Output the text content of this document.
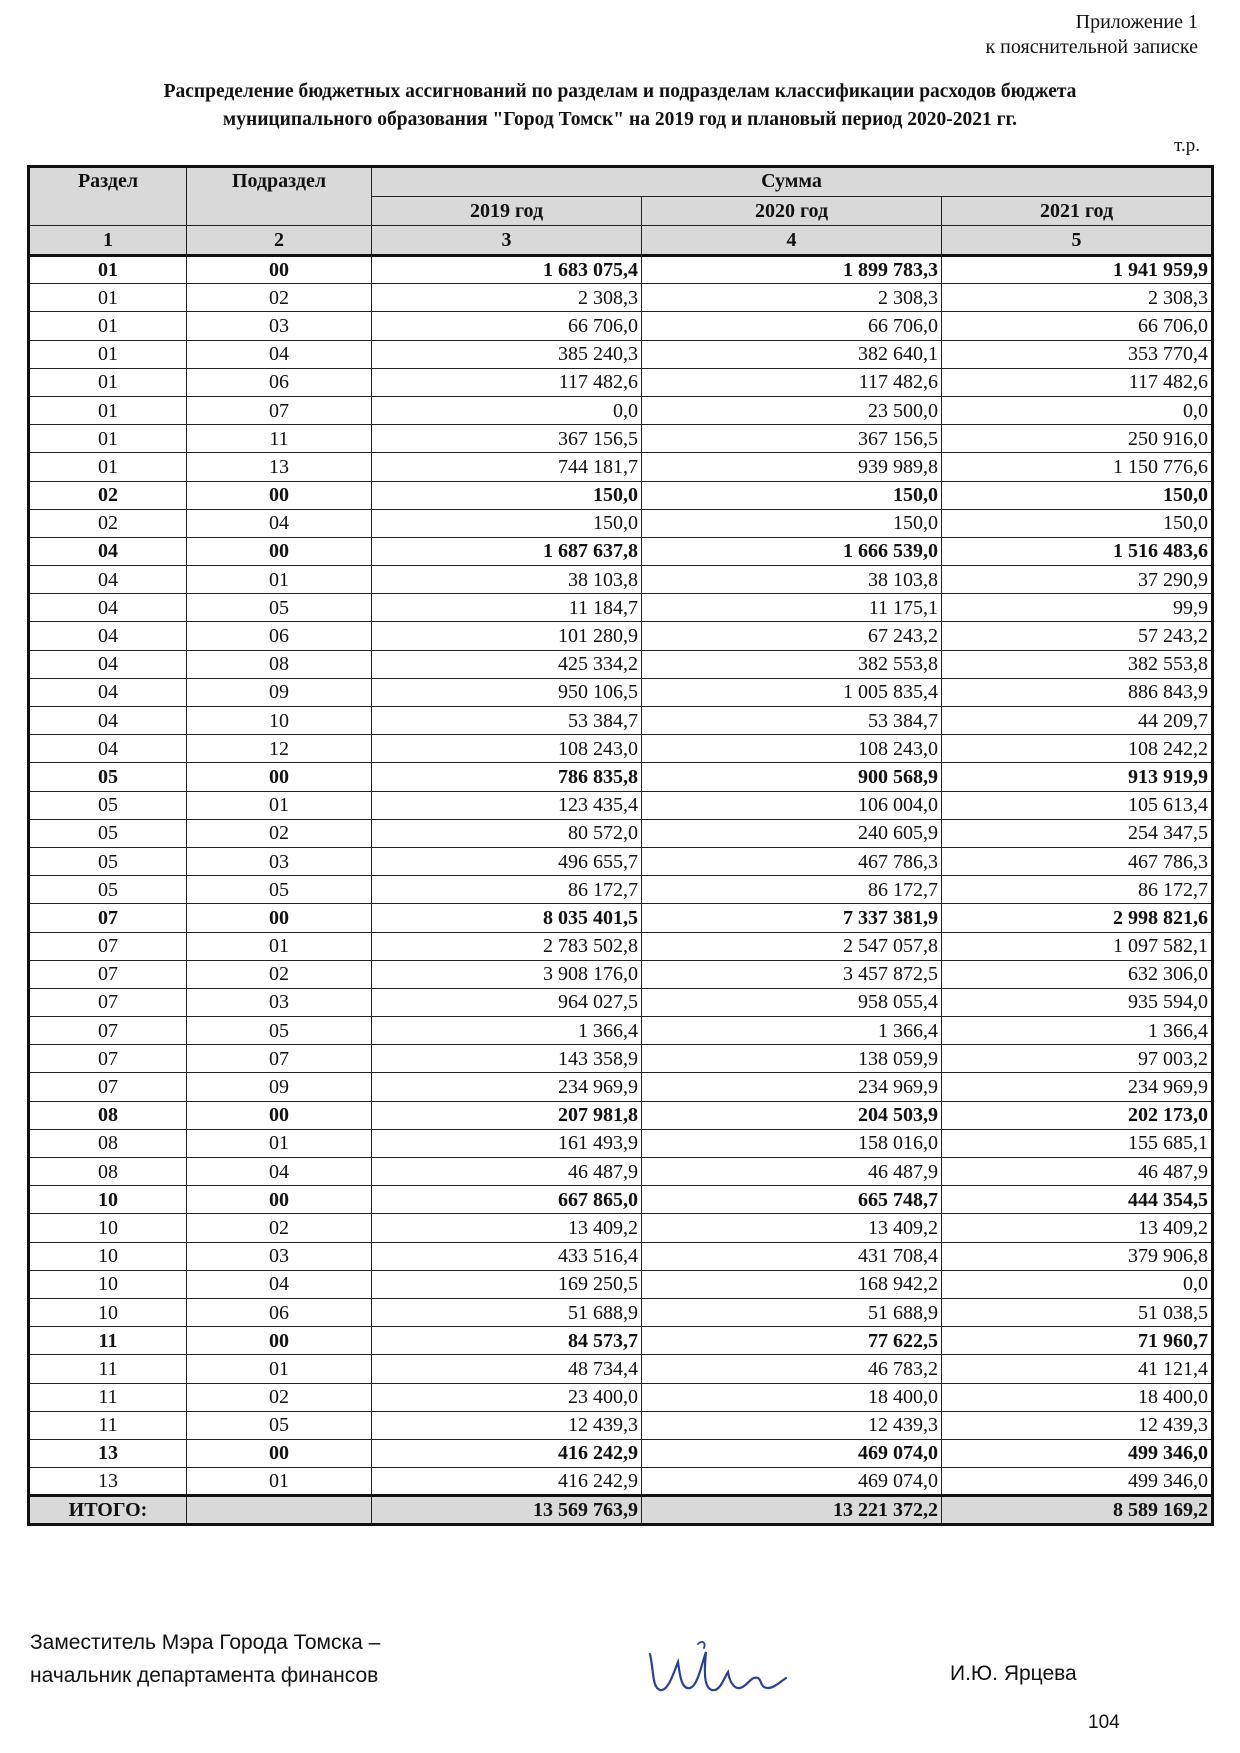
Приложение 1
к пояснительной записке
Распределение бюджетных ассигнований по разделам и подразделам классификации расходов бюджета
муниципального образования "Город Томск" на 2019 год и плановый период 2020-2021 гг.
т.р.
Раздел	Подраздел	Сумма		
		2019 год	2020 год	2021 год
1	2	3	4	5
01	00	1 683 075,4	1 899 783,3	1 941 959,9
01	02	2 308,3	2 308,3	2 308,3
01	03	66 706,0	66 706,0	66 706,0
01	04	385 240,3	382 640,1	353 770,4
01	06	117 482,6	117 482,6	117 482,6
01	07	0,0	23 500,0	0,0
01	11	367 156,5	367 156,5	250 916,0
01	13	744 181,7	939 989,8	1 150 776,6
02	00	150,0	150,0	150,0
02	04	150,0	150,0	150,0
04	00	1 687 637,8	1 666 539,0	1 516 483,6
04	01	38 103,8	38 103,8	37 290,9
04	05	11 184,7	11 175,1	99,9
04	06	101 280,9	67 243,2	57 243,2
04	08	425 334,2	382 553,8	382 553,8
04	09	950 106,5	1 005 835,4	886 843,9
04	10	53 384,7	53 384,7	44 209,7
04	12	108 243,0	108 243,0	108 242,2
05	00	786 835,8	900 568,9	913 919,9
05	01	123 435,4	106 004,0	105 613,4
05	02	80 572,0	240 605,9	254 347,5
05	03	496 655,7	467 786,3	467 786,3
05	05	86 172,7	86 172,7	86 172,7
07	00	8 035 401,5	7 337 381,9	2 998 821,6
07	01	2 783 502,8	2 547 057,8	1 097 582,1
07	02	3 908 176,0	3 457 872,5	632 306,0
07	03	964 027,5	958 055,4	935 594,0
07	05	1 366,4	1 366,4	1 366,4
07	07	143 358,9	138 059,9	97 003,2
07	09	234 969,9	234 969,9	234 969,9
08	00	207 981,8	204 503,9	202 173,0
08	01	161 493,9	158 016,0	155 685,1
08	04	46 487,9	46 487,9	46 487,9
10	00	667 865,0	665 748,7	444 354,5
10	02	13 409,2	13 409,2	13 409,2
10	03	433 516,4	431 708,4	379 906,8
10	04	169 250,5	168 942,2	0,0
10	06	51 688,9	51 688,9	51 038,5
11	00	84 573,7	77 622,5	71 960,7
11	01	48 734,4	46 783,2	41 121,4
11	02	23 400,0	18 400,0	18 400,0
11	05	12 439,3	12 439,3	12 439,3
13	00	416 242,9	469 074,0	499 346,0
13	01	416 242,9	469 074,0	499 346,0
ИТОГО:		13 569 763,9	13 221 372,2	8 589 169,2
Заместитель Мэра Города Томска –
начальник департамента финансов	И.Ю. Ярцева
104
